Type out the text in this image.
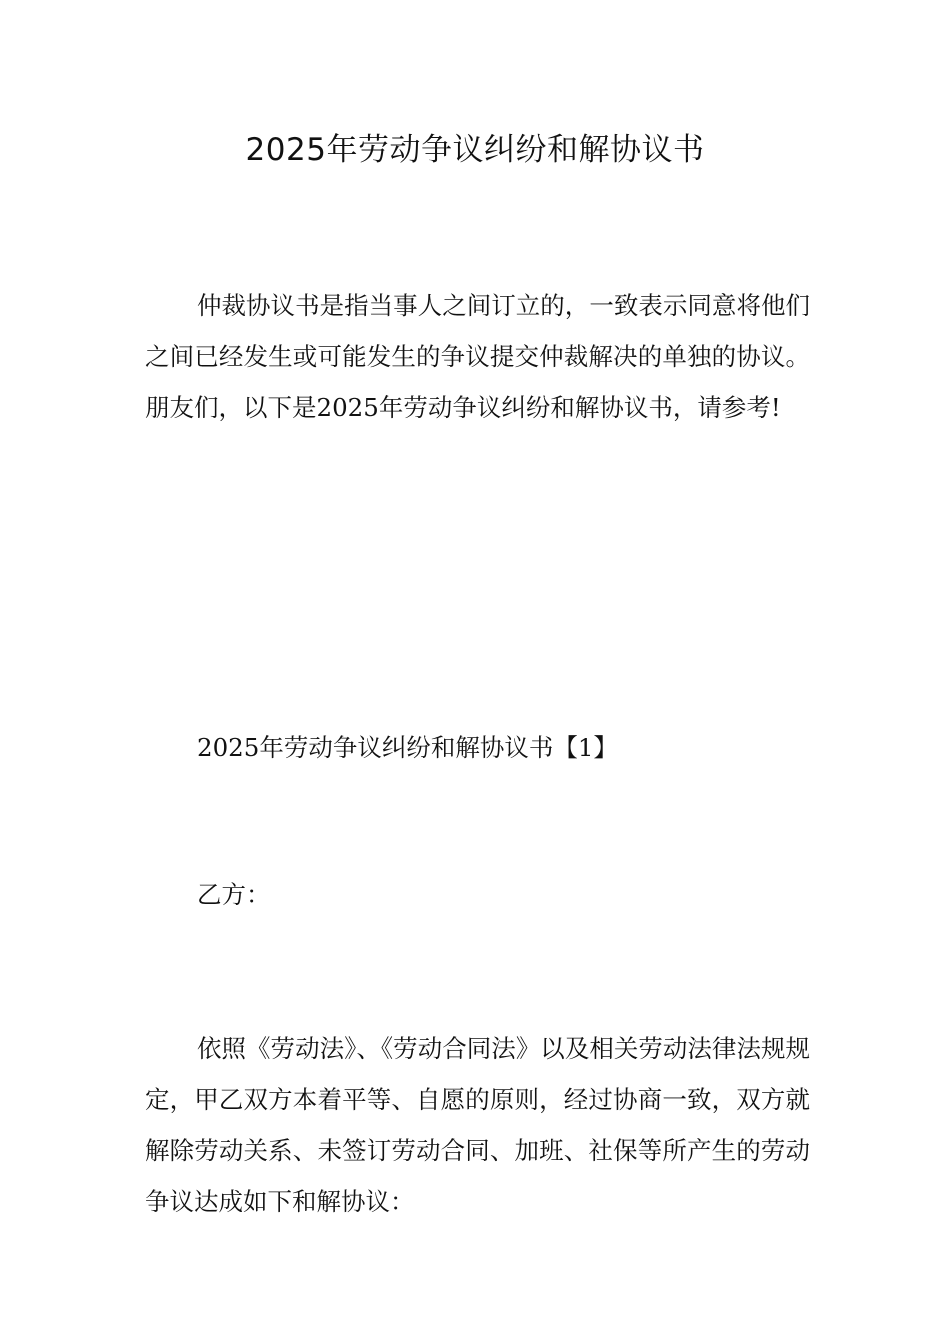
2025年劳动争议纠纷和解协议书

仲裁协议书是指当事人之间订立的，一致表示同意将他们之间已经发生或可能发生的争议提交仲裁解决的单独的协议。朋友们，以下是2025年劳动争议纠纷和解协议书，请参考!

2025年劳动争议纠纷和解协议书【1】

乙方：

依照《劳动法》、《劳动合同法》以及相关劳动法律法规规定，甲乙双方本着平等、自愿的原则，经过协商一致，双方就解除劳动关系、未签订劳动合同、加班、社保等所产生的劳动争议达成如下和解协议：
